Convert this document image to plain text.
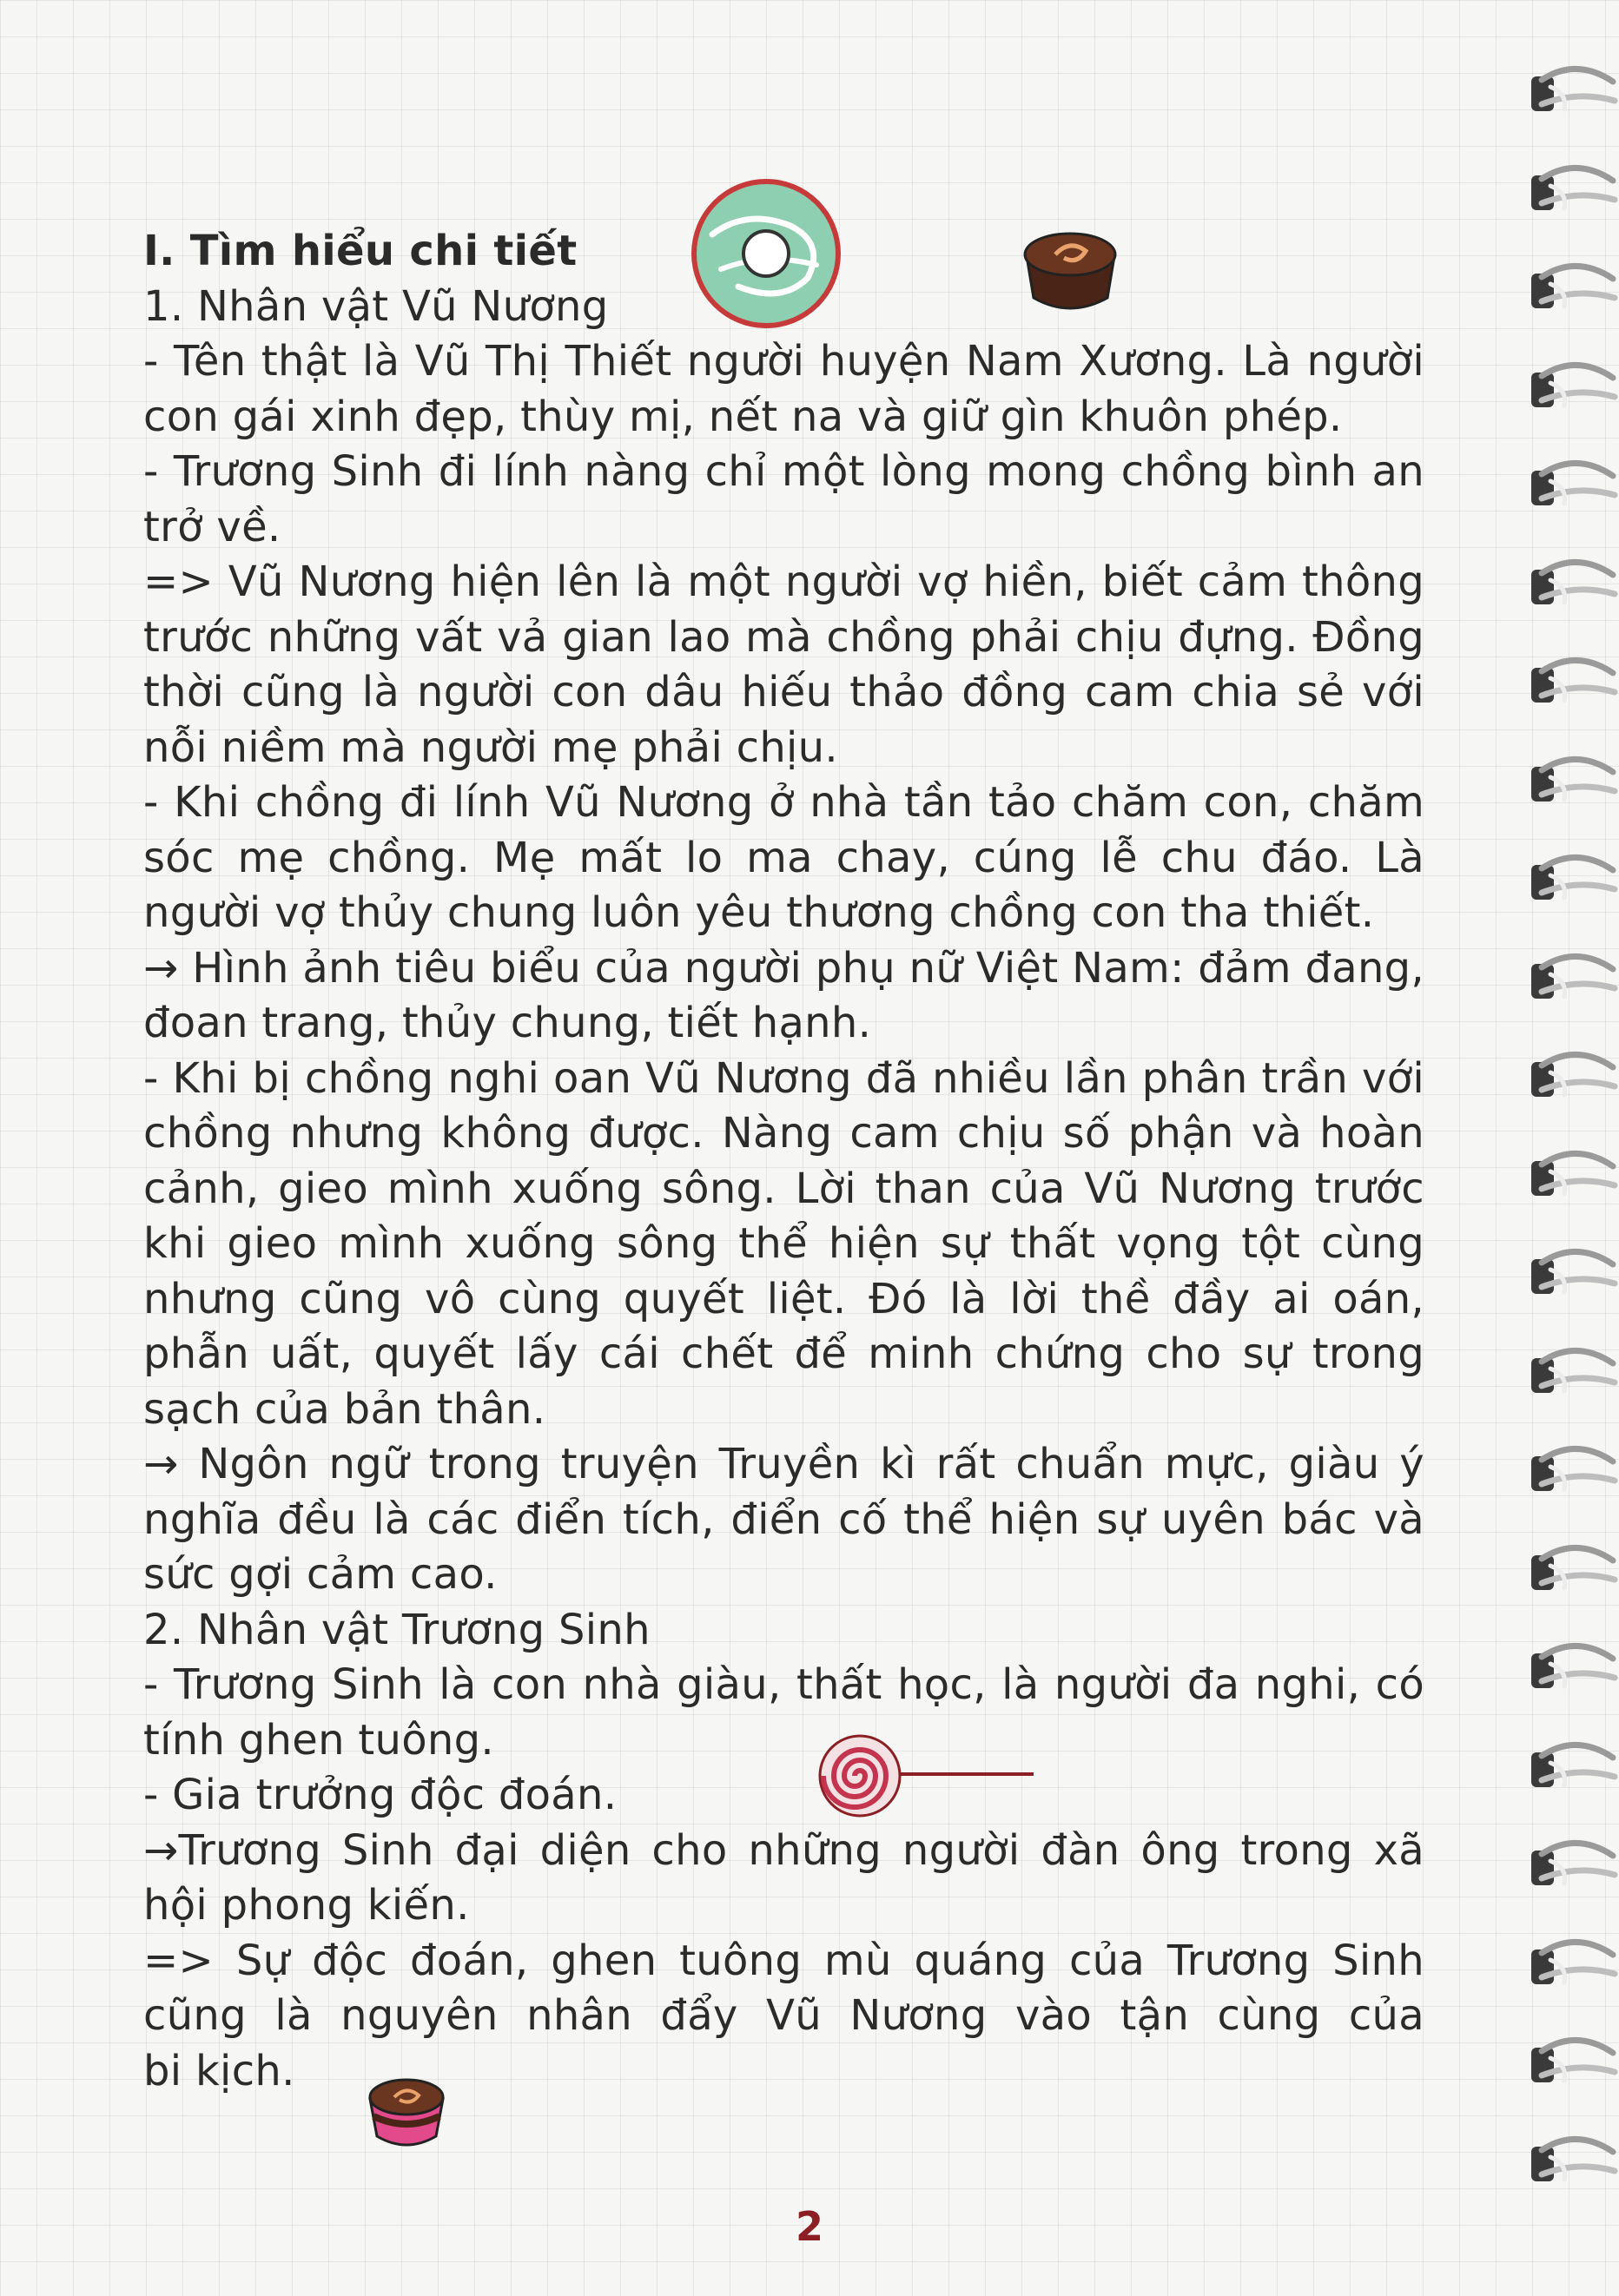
I. Tìm hiểu chi tiết
1. Nhân vật Vũ Nương
- Tên thật là Vũ Thị Thiết người huyện Nam Xương. Là người
con gái xinh đẹp, thùy mị, nết na và giữ gìn khuôn phép.
- Trương Sinh đi lính nàng chỉ một lòng mong chồng bình an
trở về.
=> Vũ Nương hiện lên là một người vợ hiền, biết cảm thông
trước những vất vả gian lao mà chồng phải chịu đựng. Đồng
thời cũng là người con dâu hiếu thảo đồng cam chia sẻ với
nỗi niềm mà người mẹ phải chịu.
- Khi chồng đi lính Vũ Nương ở nhà tần tảo chăm con, chăm
sóc mẹ chồng. Mẹ mất lo ma chay, cúng lễ chu đáo. Là
người vợ thủy chung luôn yêu thương chồng con tha thiết.
→ Hình ảnh tiêu biểu của người phụ nữ Việt Nam: đảm đang,
đoan trang, thủy chung, tiết hạnh.
- Khi bị chồng nghi oan Vũ Nương đã nhiều lần phân trần với
chồng nhưng không được. Nàng cam chịu số phận và hoàn
cảnh, gieo mình xuống sông. Lời than của Vũ Nương trước
khi gieo mình xuống sông thể hiện sự thất vọng tột cùng
nhưng cũng vô cùng quyết liệt. Đó là lời thề đầy ai oán,
phẫn uất, quyết lấy cái chết để minh chứng cho sự trong
sạch của bản thân.
→ Ngôn ngữ trong truyện Truyền kì rất chuẩn mực, giàu ý
nghĩa đều là các điển tích, điển cố thể hiện sự uyên bác và
sức gợi cảm cao.
2. Nhân vật Trương Sinh
- Trương Sinh là con nhà giàu, thất học, là người đa nghi, có
tính ghen tuông.
- Gia trưởng độc đoán.
→Trương Sinh đại diện cho những người đàn ông trong xã
hội phong kiến.
=> Sự độc đoán, ghen tuông mù quáng của Trương Sinh
cũng là nguyên nhân đẩy Vũ Nương vào tận cùng của
bi kịch.
2
